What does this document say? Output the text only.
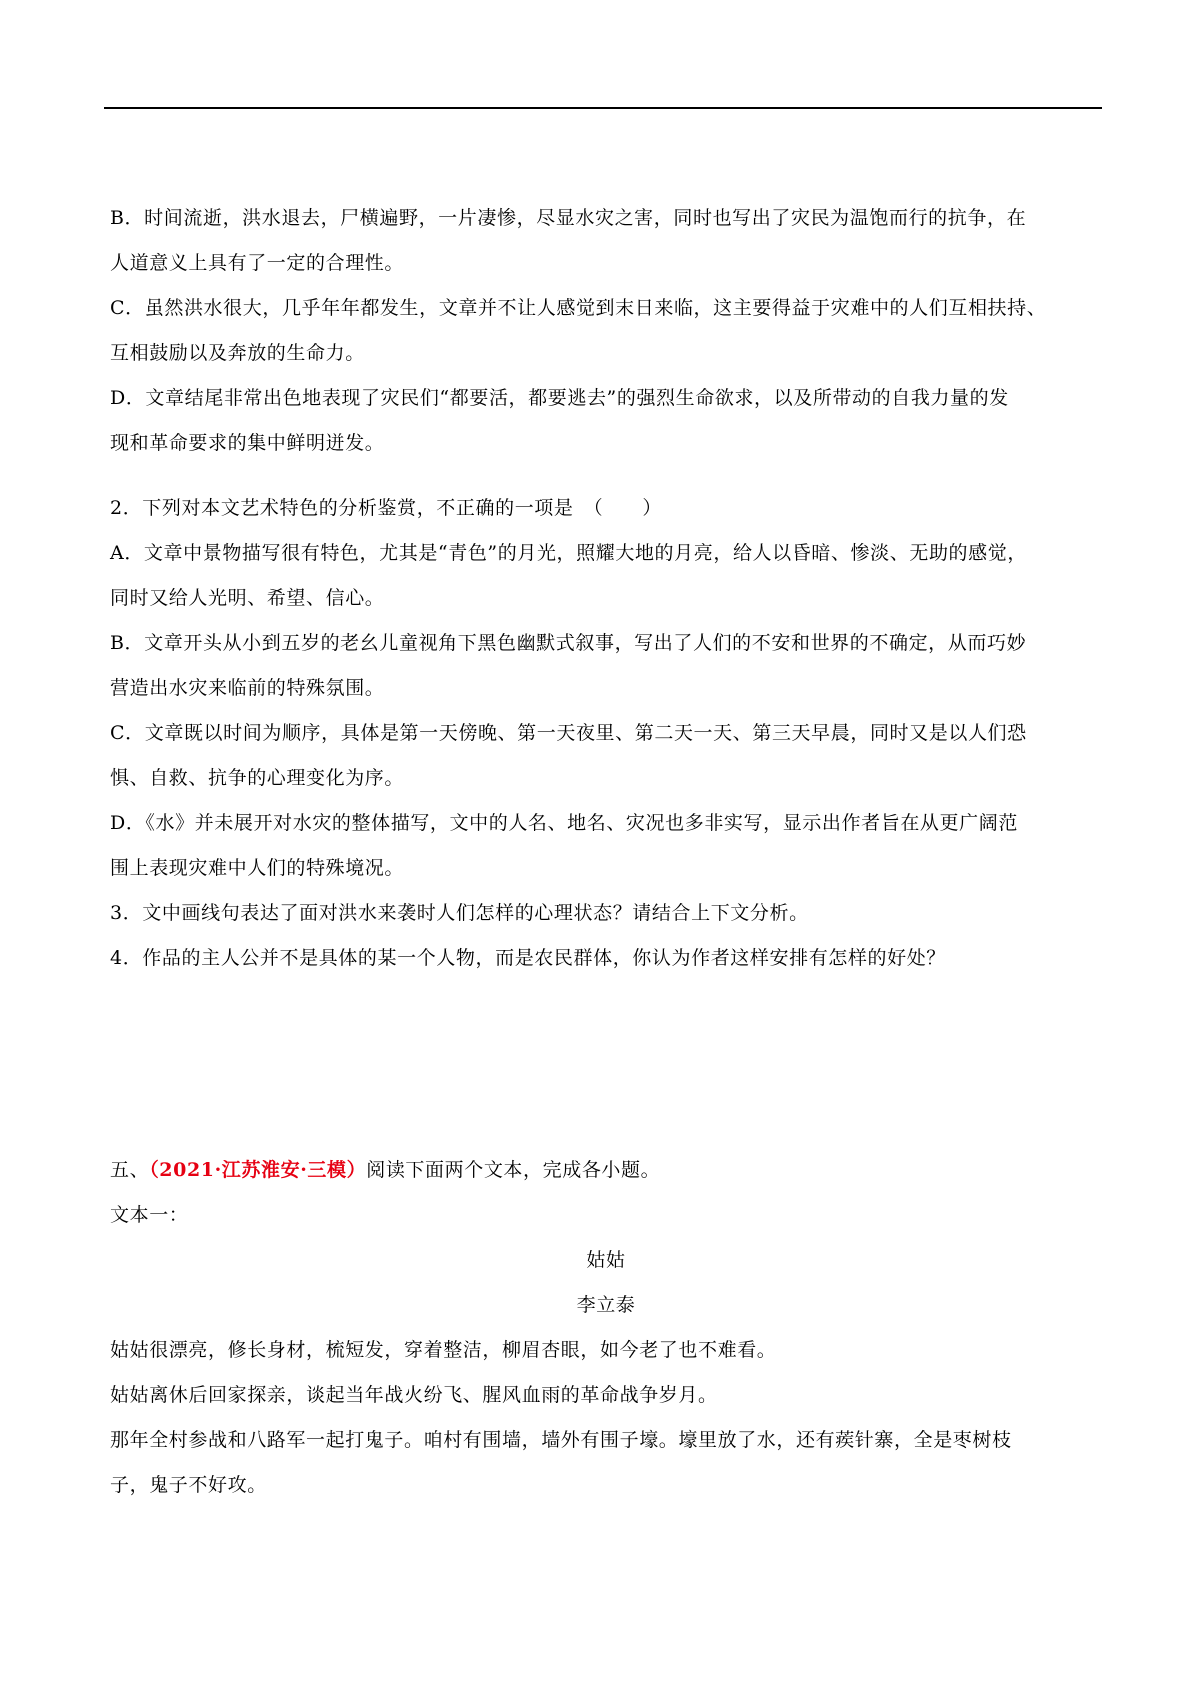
B．时间流逝，洪水退去，尸横遍野，一片凄惨，尽显水灾之害，同时也写出了灾民为温饱而行的抗争，在
人道意义上具有了一定的合理性。
C．虽然洪水很大，几乎年年都发生，文章并不让人感觉到末日来临，这主要得益于灾难中的人们互相扶持、
互相鼓励以及奔放的生命力。
D．文章结尾非常出色地表现了灾民们“都要活，都要逃去”的强烈生命欲求，以及所带动的自我力量的发
现和革命要求的集中鲜明迸发。
2．下列对本文艺术特色的分析鉴赏，不正确的一项是　（　　）
A．文章中景物描写很有特色，尤其是“青色”的月光，照耀大地的月亮，给人以昏暗、惨淡、无助的感觉，
同时又给人光明、希望、信心。
B．文章开头从小到五岁的老幺儿童视角下黑色幽默式叙事，写出了人们的不安和世界的不确定，从而巧妙
营造出水灾来临前的特殊氛围。
C．文章既以时间为顺序，具体是第一天傍晚、第一天夜里、第二天一天、第三天早晨，同时又是以人们恐
惧、自救、抗争的心理变化为序。
D．《水》并未展开对水灾的整体描写，文中的人名、地名、灾况也多非实写，显示出作者旨在从更广阔范
围上表现灾难中人们的特殊境况。
3．文中画线句表达了面对洪水来袭时人们怎样的心理状态？请结合上下文分析。
4．作品的主人公并不是具体的某一个人物，而是农民群体，你认为作者这样安排有怎样的好处？
五、（2021·江苏淮安·三模）阅读下面两个文本，完成各小题。
文本一：
姑姑
李立泰
姑姑很漂亮，修长身材，梳短发，穿着整洁，柳眉杏眼，如今老了也不难看。
姑姑离休后回家探亲，谈起当年战火纷飞、腥风血雨的革命战争岁月。
那年全村参战和八路军一起打鬼子。咱村有围墙，墙外有围子壕。壕里放了水，还有蒺针寨，全是枣树枝
子，鬼子不好攻。
